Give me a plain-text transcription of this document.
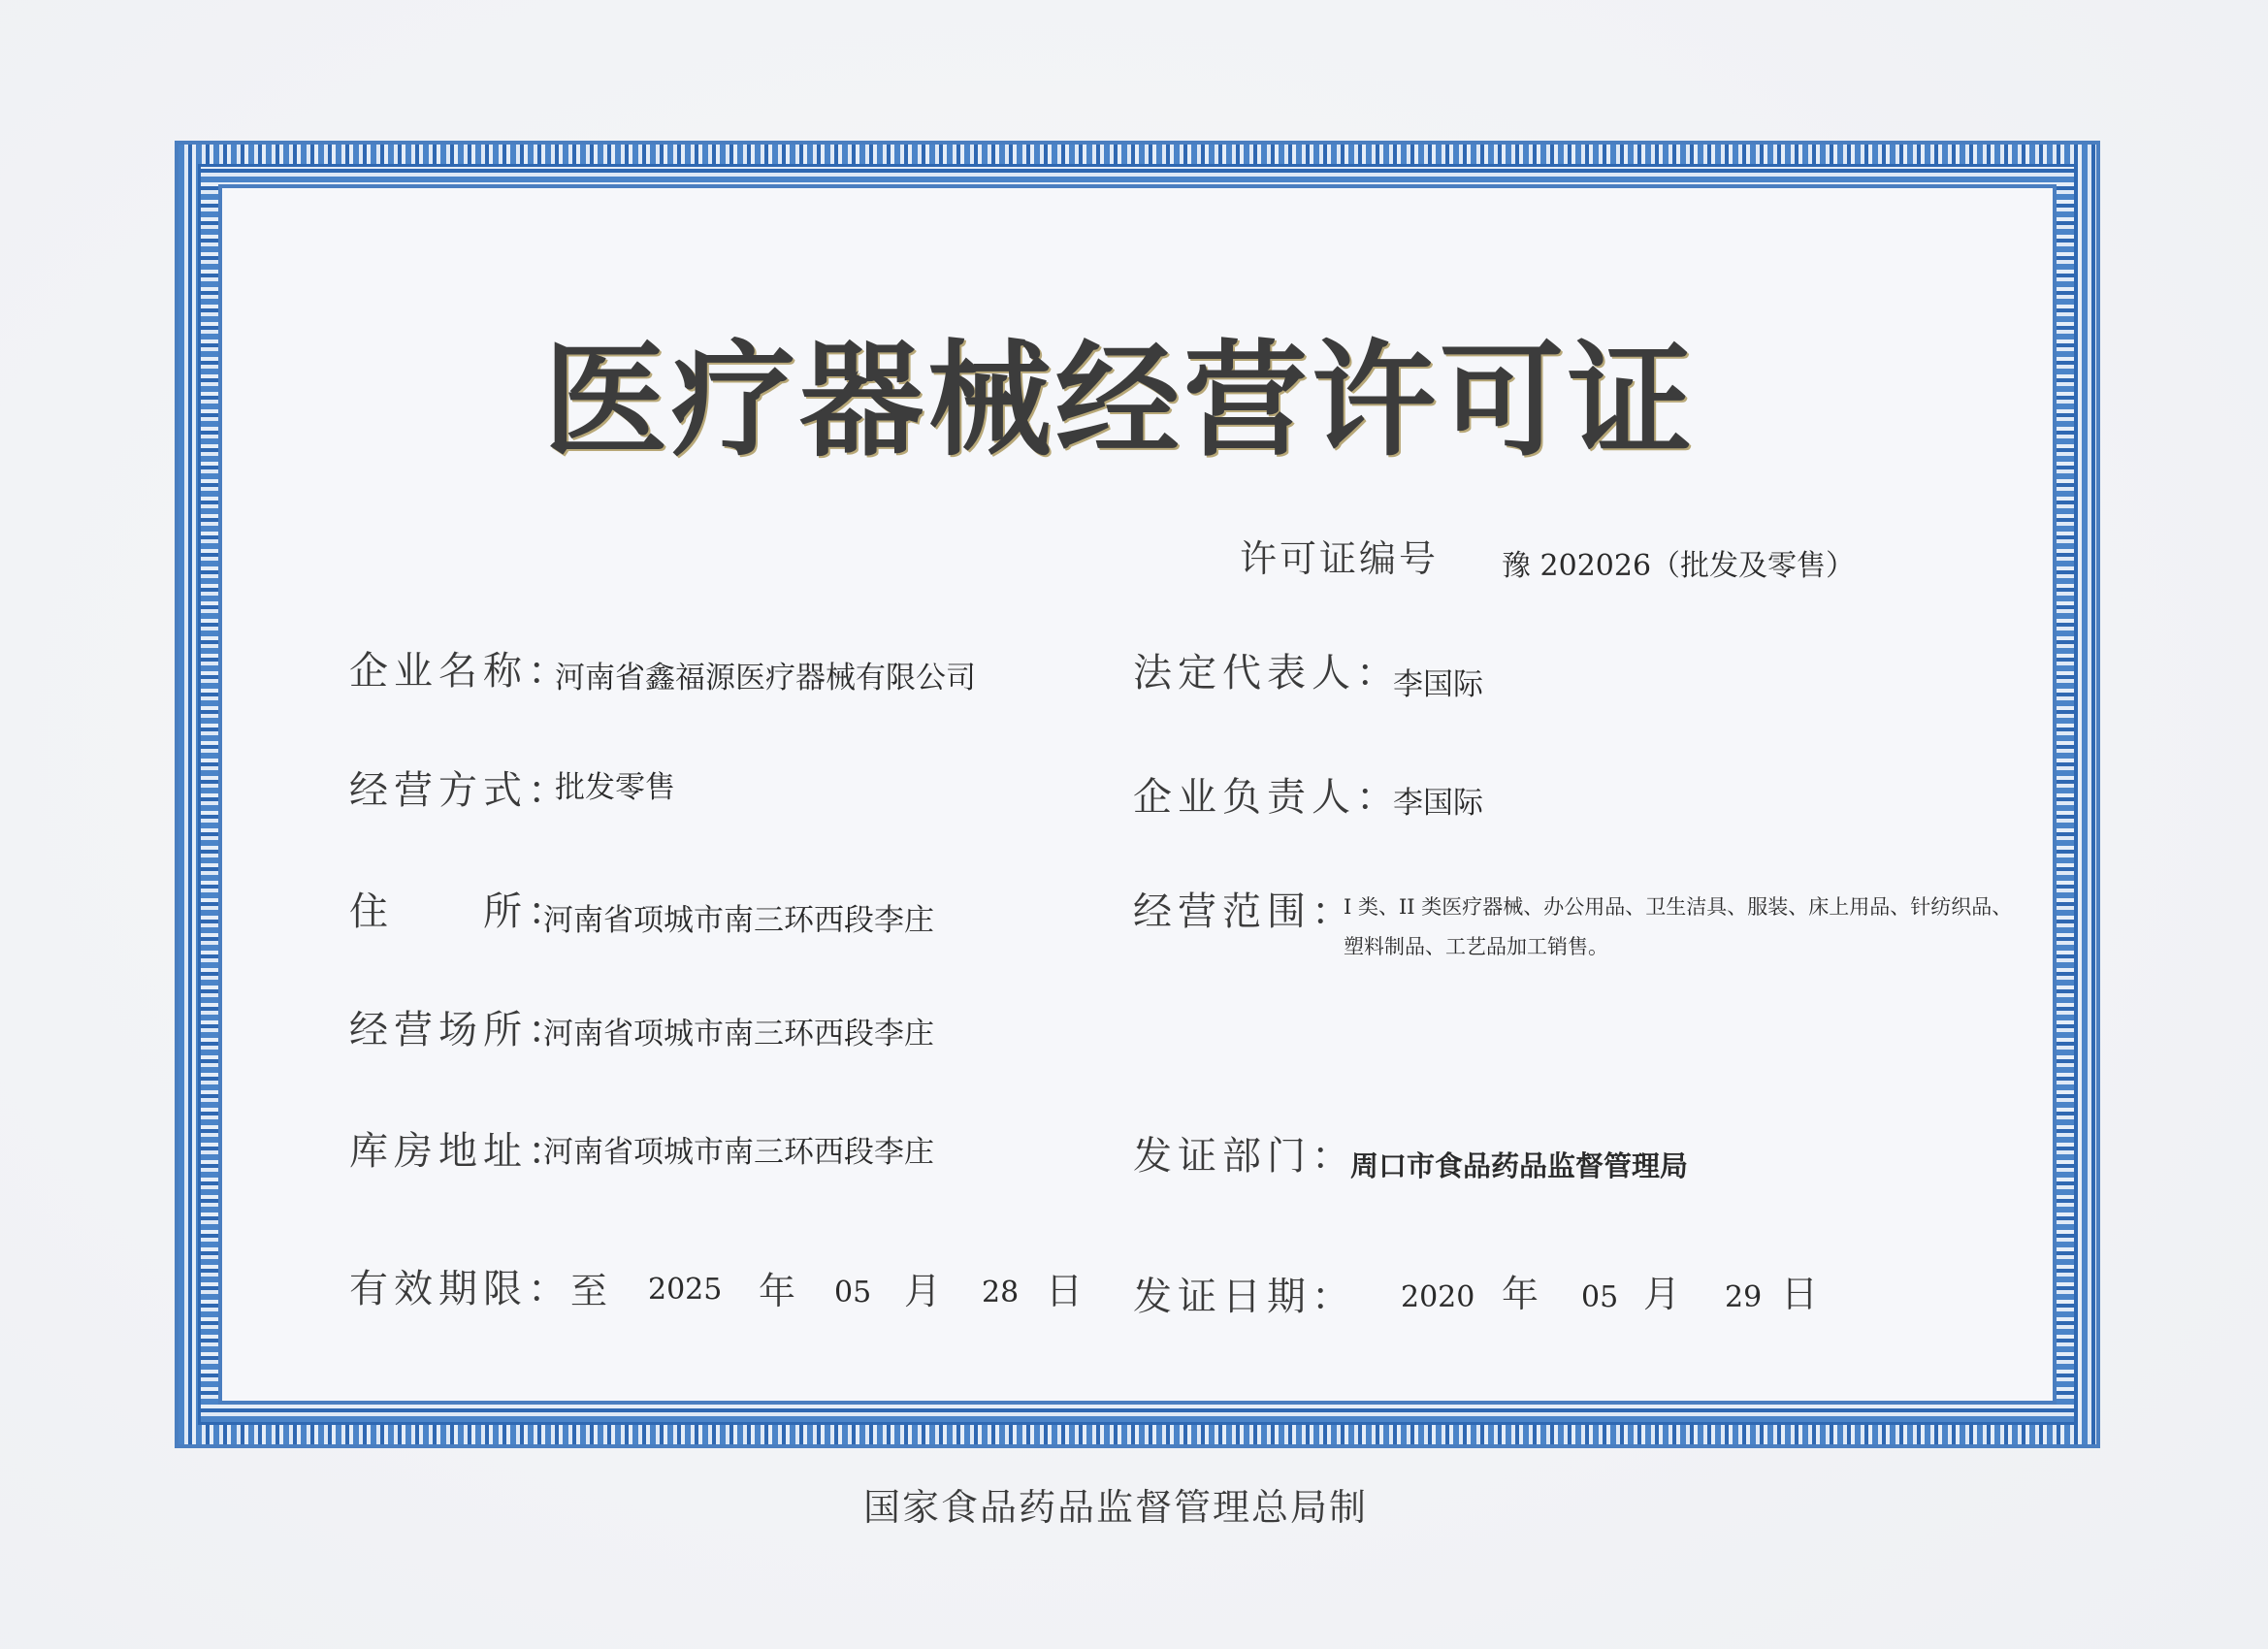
医疗器械经营许可证
许可证编号 豫 202026（批发及零售）
企业名称：
河南省鑫福源医疗器械有限公司
经营方式：
批发零售
住　　所：
河南省项城市南三环西段李庄
经营场所：
河南省项城市南三环西段李庄
库房地址：
河南省项城市南三环西段李庄
法定代表人：
李国际
企业负责人：
李国际
经营范围：
I 类、II 类医疗器械、办公用品、卫生洁具、服装、床上用品、针纺织品、塑料制品、工艺品加工销售。
发证部门：
周口市食品药品监督管理局
有效期限：
至 2025 年 05 月 28 日 发证日期： 2020 年 05 月 29 日
国家食品药品监督管理总局制
